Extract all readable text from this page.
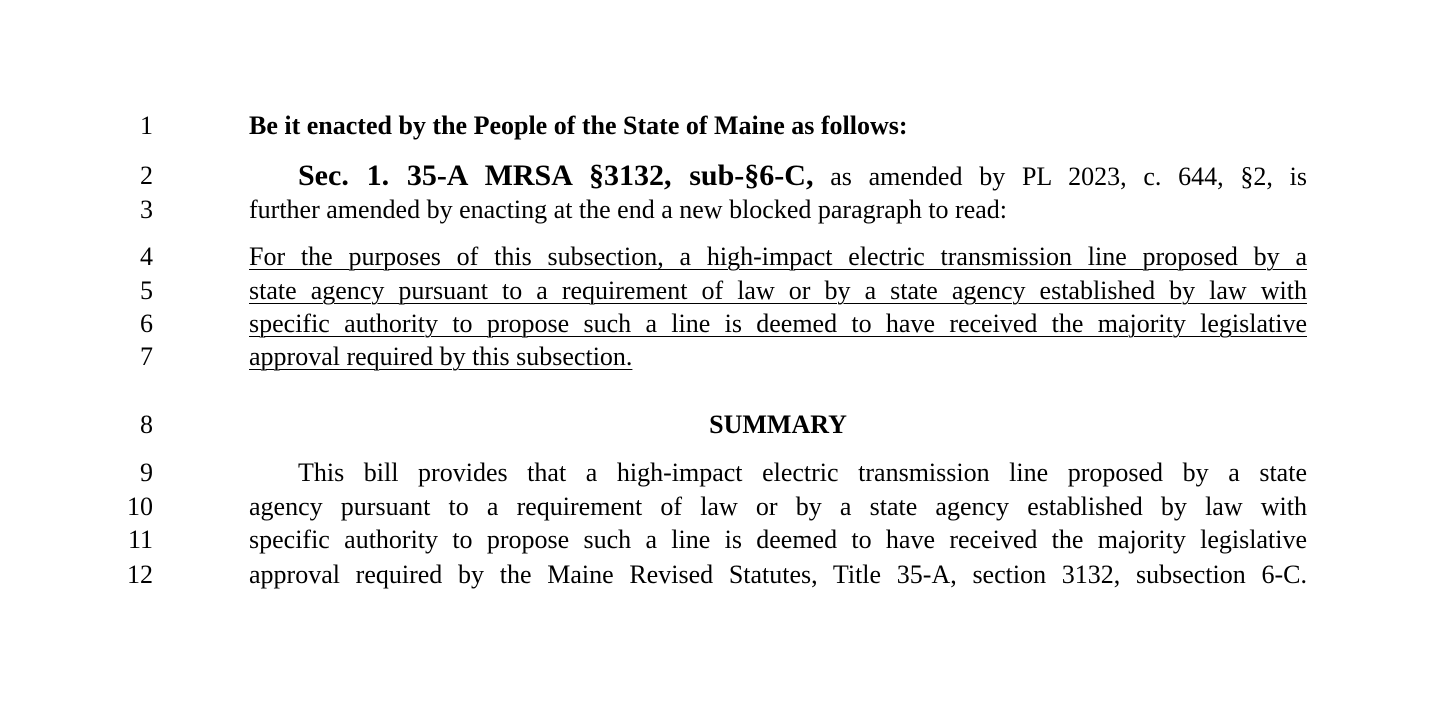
1
2
3
4
5
6
7
8
9
10
11
12
Be it enacted by the People of the State of Maine as follows:
Sec. 1. 35-A MRSA §3132, sub-§6-C, as amended by PL 2023, c. 644, §2, is
further amended by enacting at the end a new blocked paragraph to read:
For the purposes of this subsection, a high-impact electric transmission line proposed by a
state agency pursuant to a requirement of law or by a state agency established by law with
specific authority to propose such a line is deemed to have received the majority legislative
approval required by this subsection.
SUMMARY
This bill provides that a high-impact electric transmission line proposed by a state
agency pursuant to a requirement of law or by a state agency established by law with
specific authority to propose such a line is deemed to have received the majority legislative
approval required by the Maine Revised Statutes, Title 35-A, section 3132, subsection 6-C.
